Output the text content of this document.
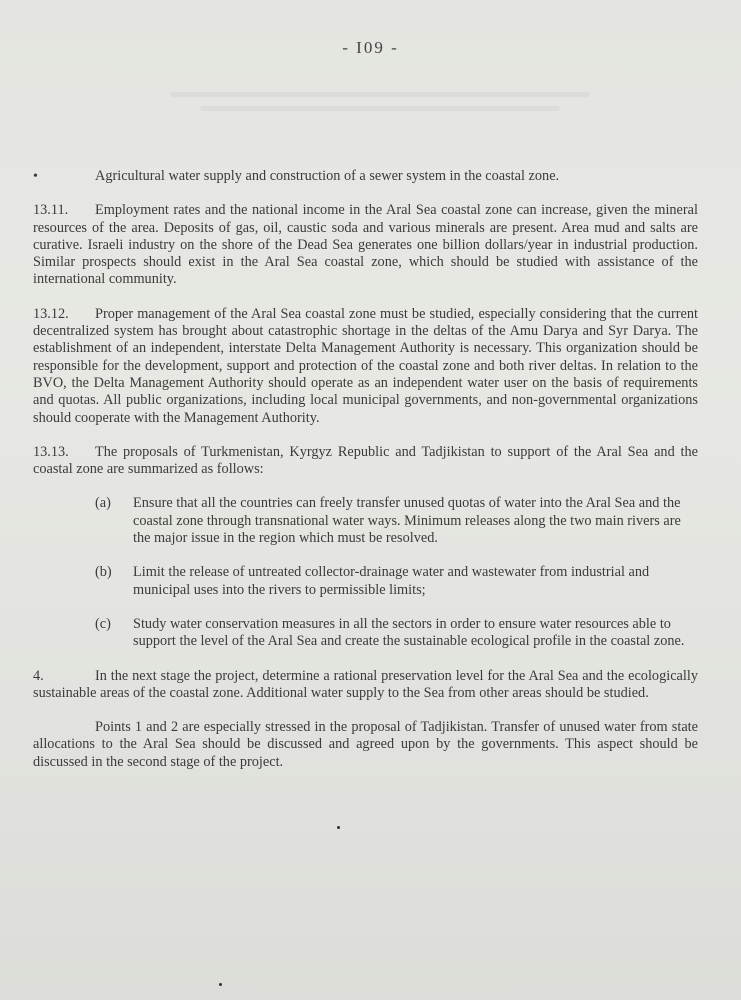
- I09 -
•	Agricultural water supply and construction of a sewer system in the coastal zone.

13.11. Employment rates and the national income in the Aral Sea coastal zone can increase, given the mineral resources of the area. Deposits of gas, oil, caustic soda and various minerals are present. Area mud and salts are curative. Israeli industry on the shore of the Dead Sea generates one billion dollars/year in industrial production. Similar prospects should exist in the Aral Sea coastal zone, which should be studied with assistance of the international community.

13.12. Proper management of the Aral Sea coastal zone must be studied, especially considering that the current decentralized system has brought about catastrophic shortage in the deltas of the Amu Darya and Syr Darya. The establishment of an independent, interstate Delta Management Authority is necessary. This organization should be responsible for the development, support and protection of the coastal zone and both river deltas. In relation to the BVO, the Delta Management Authority should operate as an independent water user on the basis of requirements and quotas. All public organizations, including local municipal governments, and non-governmental organizations should cooperate with the Management Authority.

13.13. The proposals of Turkmenistan, Kyrgyz Republic and Tadjikistan to support of the Aral Sea and the coastal zone are summarized as follows:

(a)	Ensure that all the countries can freely transfer unused quotas of water into the Aral Sea and the coastal zone through transnational water ways. Minimum releases along the two main rivers are the major issue in the region which must be resolved.
(b)	Limit the release of untreated collector-drainage water and wastewater from industrial and municipal uses into the rivers to permissible limits;
(c)	Study water conservation measures in all the sectors in order to ensure water resources able to support the level of the Aral Sea and create the sustainable ecological profile in the coastal zone.

4.	In the next stage the project, determine a rational preservation level for the Aral Sea and the ecologically sustainable areas of the coastal zone. Additional water supply to the Sea from other areas should be studied.

Points 1 and 2 are especially stressed in the proposal of Tadjikistan. Transfer of unused water from state allocations to the Aral Sea should be discussed and agreed upon by the governments. This aspect should be discussed in the second stage of the project.
